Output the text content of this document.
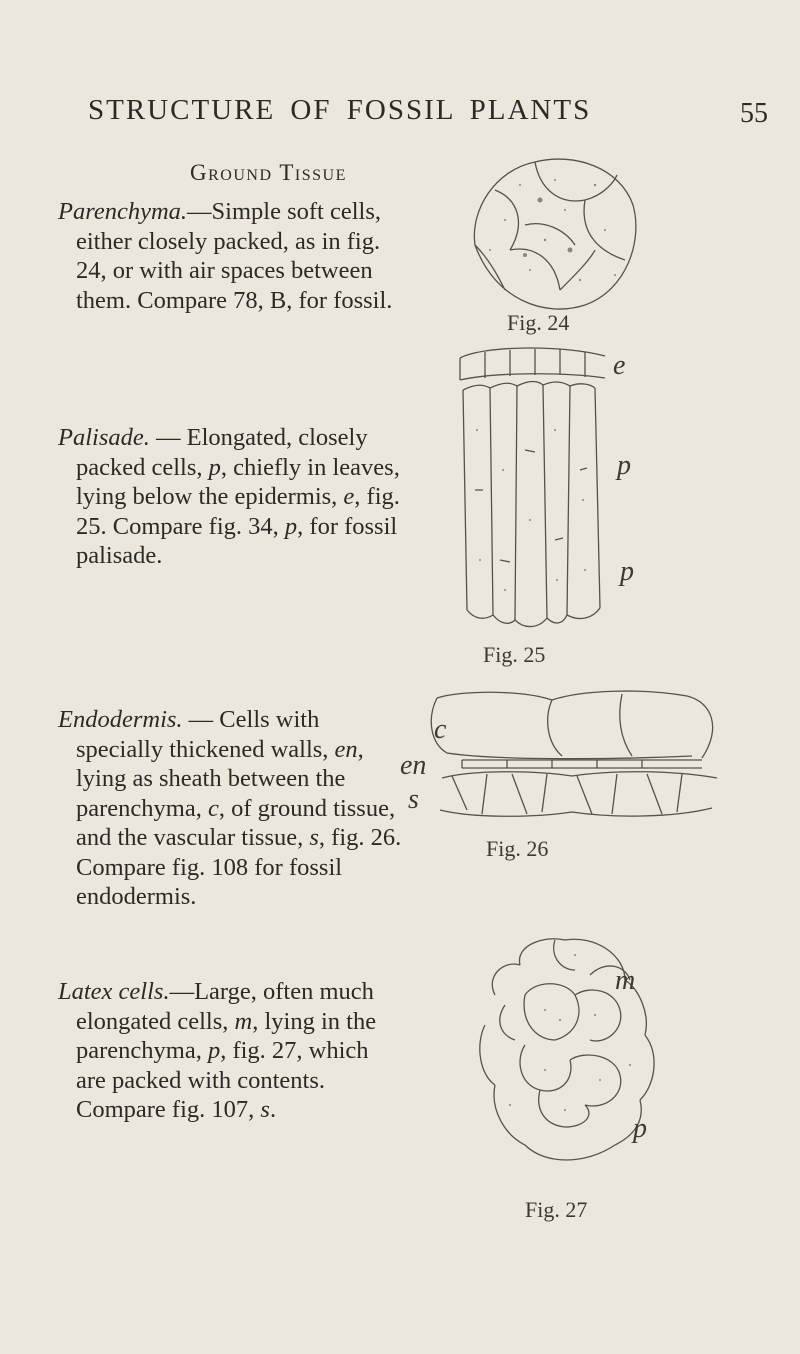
STRUCTURE OF FOSSIL PLANTS	55
Ground Tissue

Parenchyma.—Simple soft cells, either closely packed, as in fig. 24, or with air spaces between them. Compare 78, B, for fossil.

Palisade. — Elongated, closely packed cells, p, chiefly in leaves, lying below the epidermis, e, fig. 25. Compare fig. 34, p, for fossil palisade.

Endodermis. — Cells with specially thickened walls, en, lying as sheath between the parenchyma, c, of ground tissue, and the vascular tissue, s, fig. 26. Compare fig. 108 for fossil endodermis.

Latex cells.—Large, often much elongated cells, m, lying in the parenchyma, p, fig. 27, which are packed with contents. Compare fig. 107, s.

Fig. 24
e
p
p
Fig. 25
c
en
s
Fig. 26
m
p
Fig. 27
